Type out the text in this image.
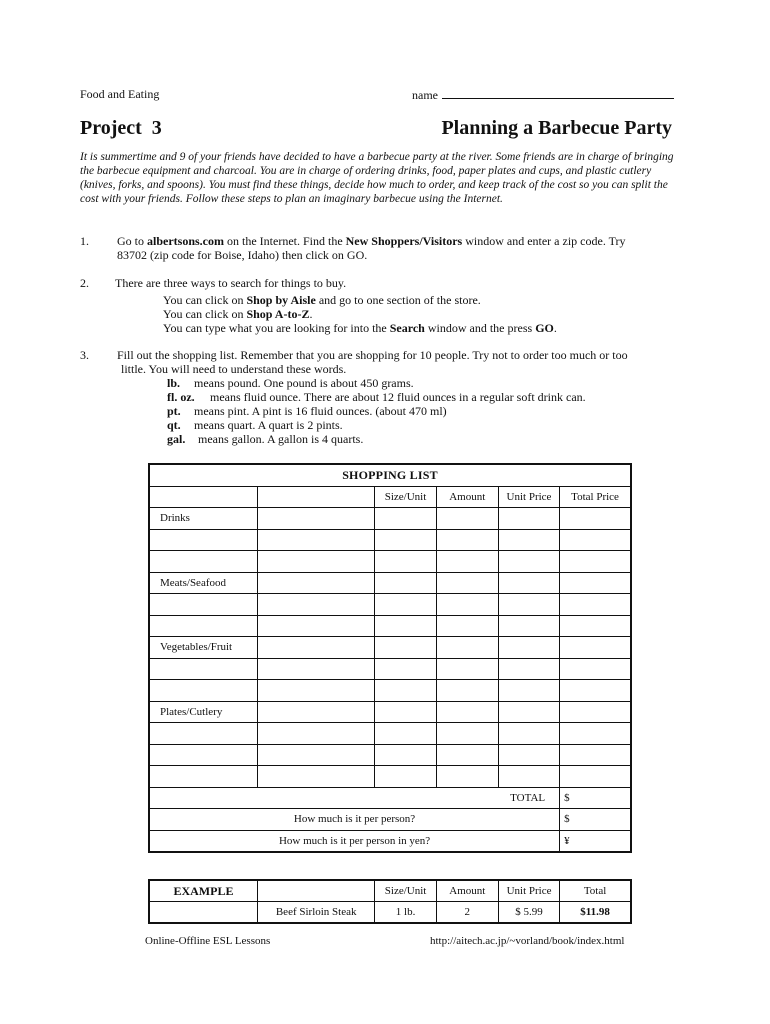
Food and Eating	name
Project  3	Planning a Barbecue Party
It is summertime and 9 of your friends have decided to have a barbecue party at the river. Some friends are in charge of bringing the barbecue equipment and charcoal. You are in charge of ordering drinks, food, paper plates and cups, and plastic cutlery (knives, forks, and spoons). You must find these things, decide how much to order, and keep track of the cost so you can split the cost with your friends. Follow these steps to plan an imaginary barbecue using the Internet.
1. Go to albertsons.com on the Internet. Find the New Shoppers/Visitors window and enter a zip code. Try
83702 (zip code for Boise, Idaho) then click on GO.
2. There are three ways to search for things to buy.
You can click on Shop by Aisle and go to one section of the store.
You can click on Shop A-to-Z.
You can type what you are looking for into the Search window and the press GO.
3. Fill out the shopping list. Remember that you are shopping for 10 people. Try not to order too much or too
little. You will need to understand these words.
lb. means pound. One pound is about 450 grams.
fl. oz. means fluid ounce. There are about 12 fluid ounces in a regular soft drink can.
pt. means pint. A pint is 16 fluid ounces. (about 470 ml)
qt. means quart. A quart is 2 pints.
gal. means gallon. A gallon is 4 quarts.
SHOPPING LIST					
		Size/Unit	Amount	Unit Price	Total Price
Drinks					

Meats/Seafood					

Vegetables/Fruit					

Plates/Cutlery					

TOTAL					$
How much is it per person?					$
How much is it per person in yen?					¥
EXAMPLE		Size/Unit	Amount	Unit Price	Total
	Beef Sirloin Steak	1 lb.	2	$ 5.99	$11.98
Online-Offline ESL Lessons	http://aitech.ac.jp/~vorland/book/index.html
